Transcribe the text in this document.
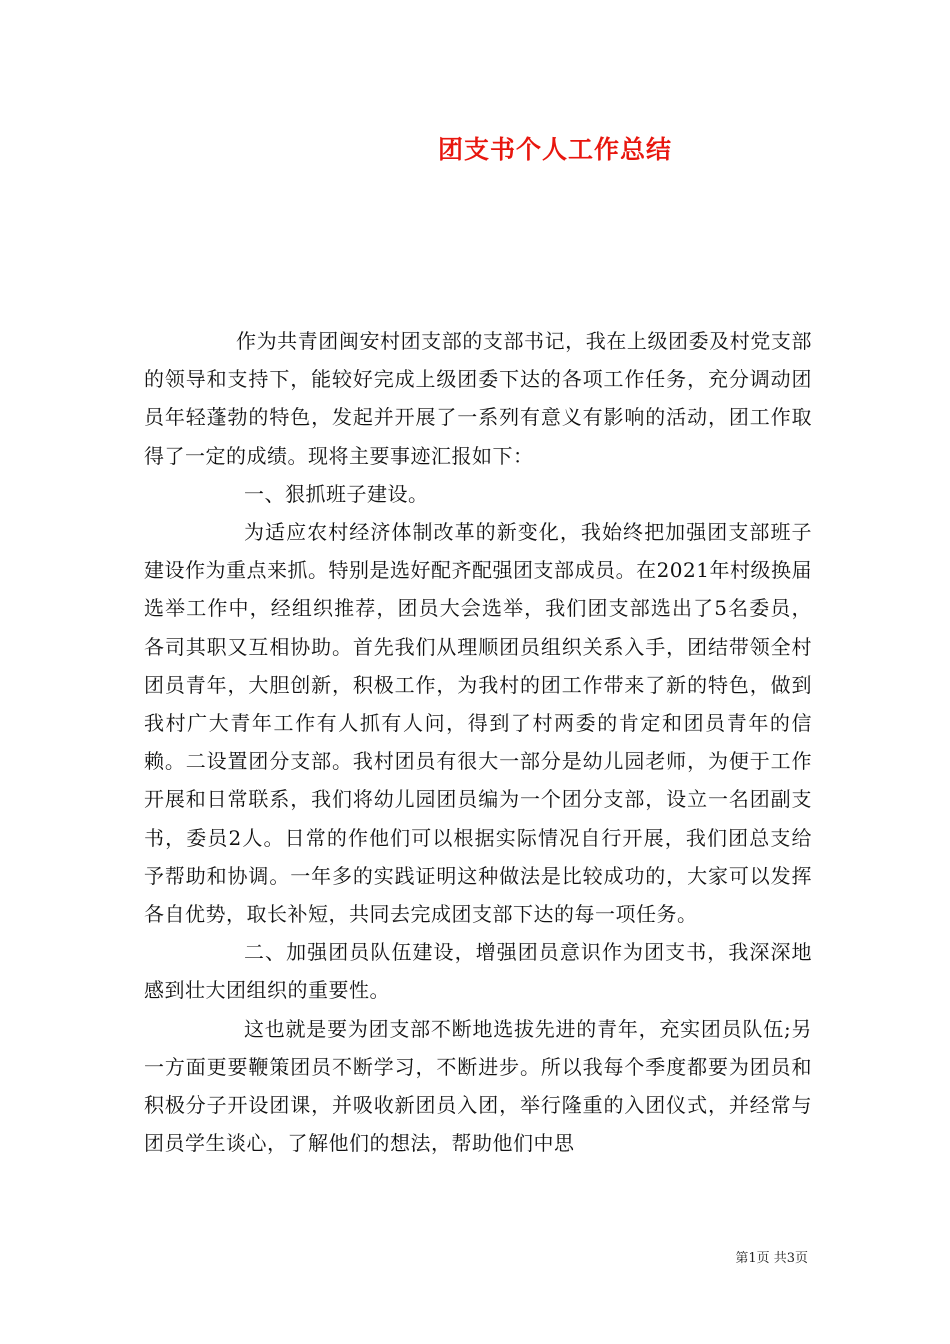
团支书个人工作总结

作为共青团闽安村团支部的支部书记，我在上级团委及村党支部的领导和支持下，能较好完成上级团委下达的各项工作任务，充分调动团员年轻蓬勃的特色，发起并开展了一系列有意义有影响的活动，团工作取得了一定的成绩。现将主要事迹汇报如下：

一、狠抓班子建设。

为适应农村经济体制改革的新变化，我始终把加强团支部班子建设作为重点来抓。特别是选好配齐配强团支部成员。在2021年村级换届选举工作中，经组织推荐，团员大会选举，我们团支部选出了5名委员，各司其职又互相协助。首先我们从理顺团员组织关系入手，团结带领全村团员青年，大胆创新，积极工作，为我村的团工作带来了新的特色，做到我村广大青年工作有人抓有人问，得到了村两委的肯定和团员青年的信赖。二设置团分支部。我村团员有很大一部分是幼儿园老师，为便于工作开展和日常联系，我们将幼儿园团员编为一个团分支部，设立一名团副支书，委员2人。日常的作他们可以根据实际情况自行开展，我们团总支给予帮助和协调。一年多的实践证明这种做法是比较成功的，大家可以发挥各自优势，取长补短，共同去完成团支部下达的每一项任务。

二、加强团员队伍建设，增强团员意识作为团支书，我深深地感到壮大团组织的重要性。

这也就是要为团支部不断地选拔先进的青年，充实团员队伍;另一方面更要鞭策团员不断学习，不断进步。所以我每个季度都要为团员和积极分子开设团课，并吸收新团员入团，举行隆重的入团仪式，并经常与团员学生谈心，了解他们的想法，帮助他们中思

第1页 共3页
